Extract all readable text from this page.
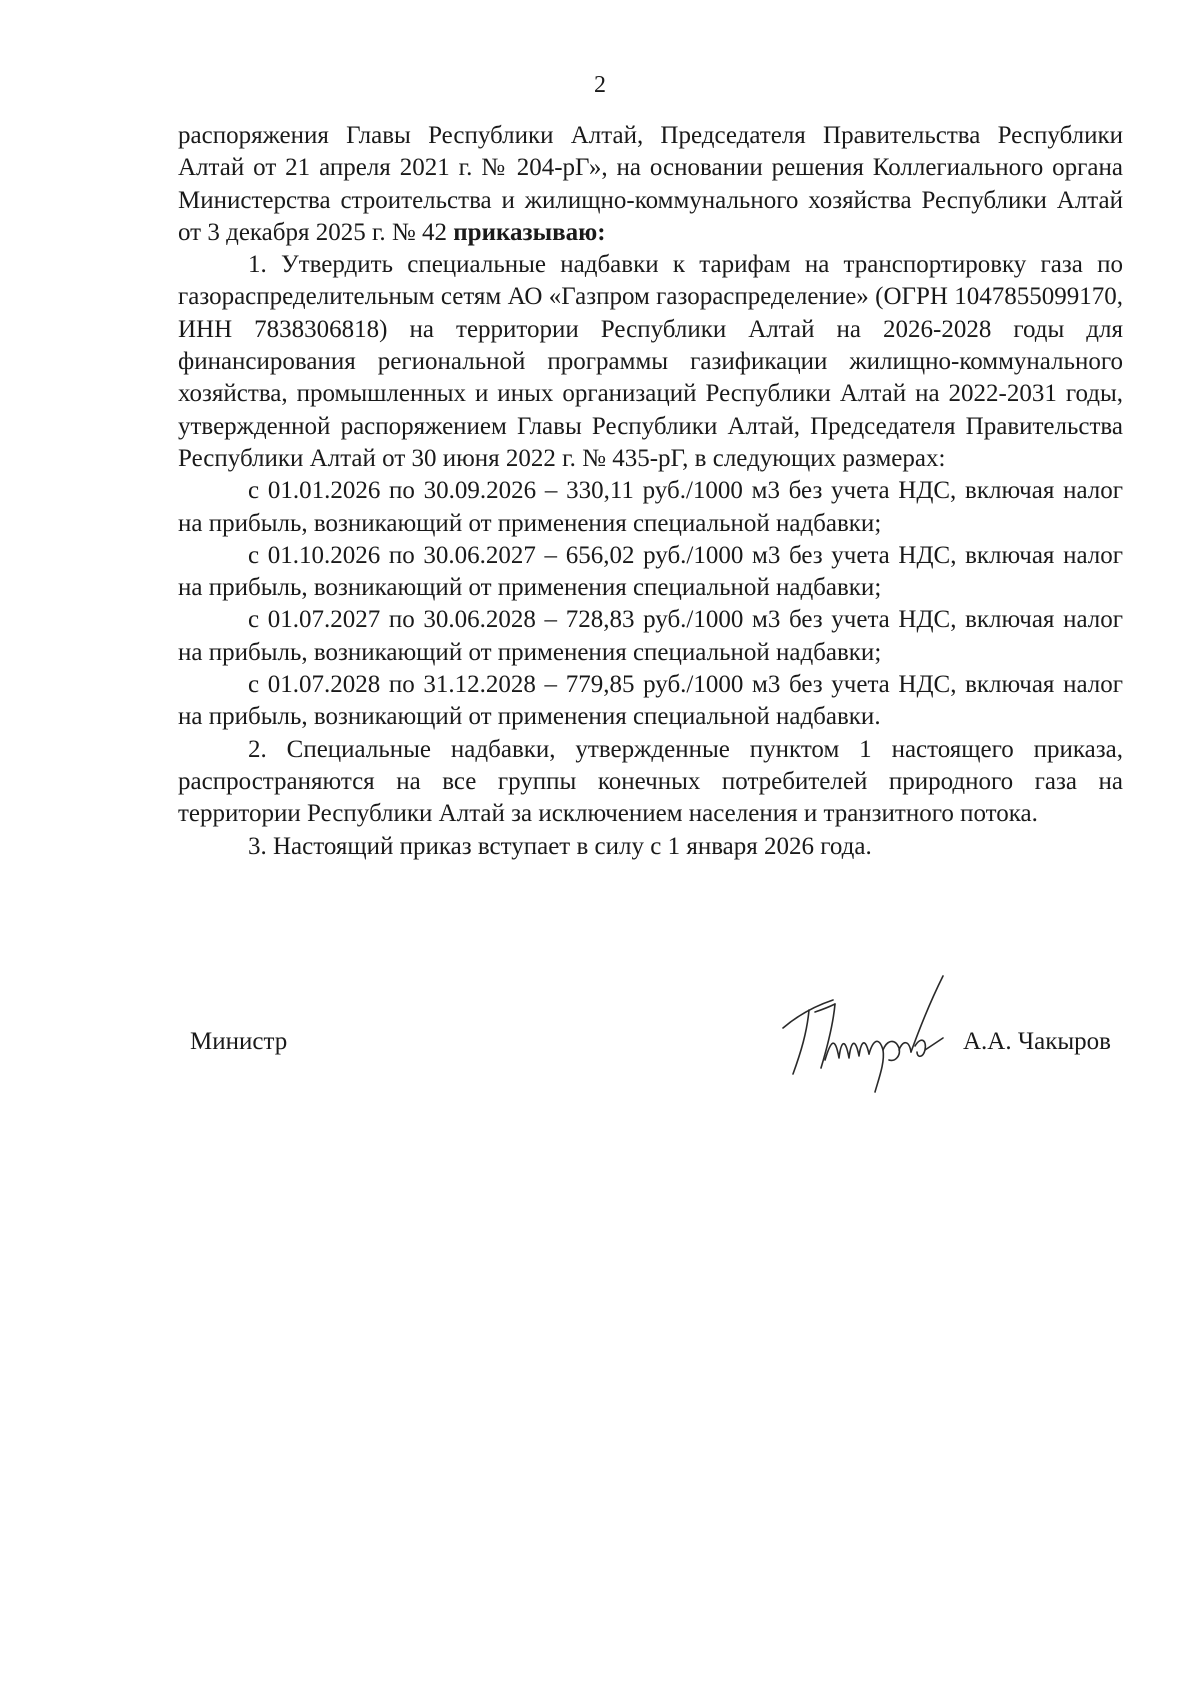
2

распоряжения Главы Республики Алтай, Председателя Правительства Республики Алтай от 21 апреля 2021 г. № 204-рГ», на основании решения Коллегиального органа Министерства строительства и жилищно-коммунального хозяйства Республики Алтай от 3 декабря 2025 г. № 42 приказываю:

1. Утвердить специальные надбавки к тарифам на транспортировку газа по газораспределительным сетям АО «Газпром газораспределение» (ОГРН 1047855099170, ИНН 7838306818) на территории Республики Алтай на 2026-2028 годы для финансирования региональной программы газификации жилищно-коммунального хозяйства, промышленных и иных организаций Республики Алтай на 2022-2031 годы, утвержденной распоряжением Главы Республики Алтай, Председателя Правительства Республики Алтай от 30 июня 2022 г. № 435-рГ, в следующих размерах:

с 01.01.2026 по 30.09.2026 – 330,11 руб./1000 м3 без учета НДС, включая налог на прибыль, возникающий от применения специальной надбавки;

с 01.10.2026 по 30.06.2027 – 656,02 руб./1000 м3 без учета НДС, включая налог на прибыль, возникающий от применения специальной надбавки;

с 01.07.2027 по 30.06.2028 – 728,83 руб./1000 м3 без учета НДС, включая налог на прибыль, возникающий от применения специальной надбавки;

с 01.07.2028 по 31.12.2028 – 779,85 руб./1000 м3 без учета НДС, включая налог на прибыль, возникающий от применения специальной надбавки.

2. Специальные надбавки, утвержденные пунктом 1 настоящего приказа, распространяются на все группы конечных потребителей природного газа на территории Республики Алтай за исключением населения и транзитного потока.

3. Настоящий приказ вступает в силу с 1 января 2026 года.

Министр	А.А. Чакыров
